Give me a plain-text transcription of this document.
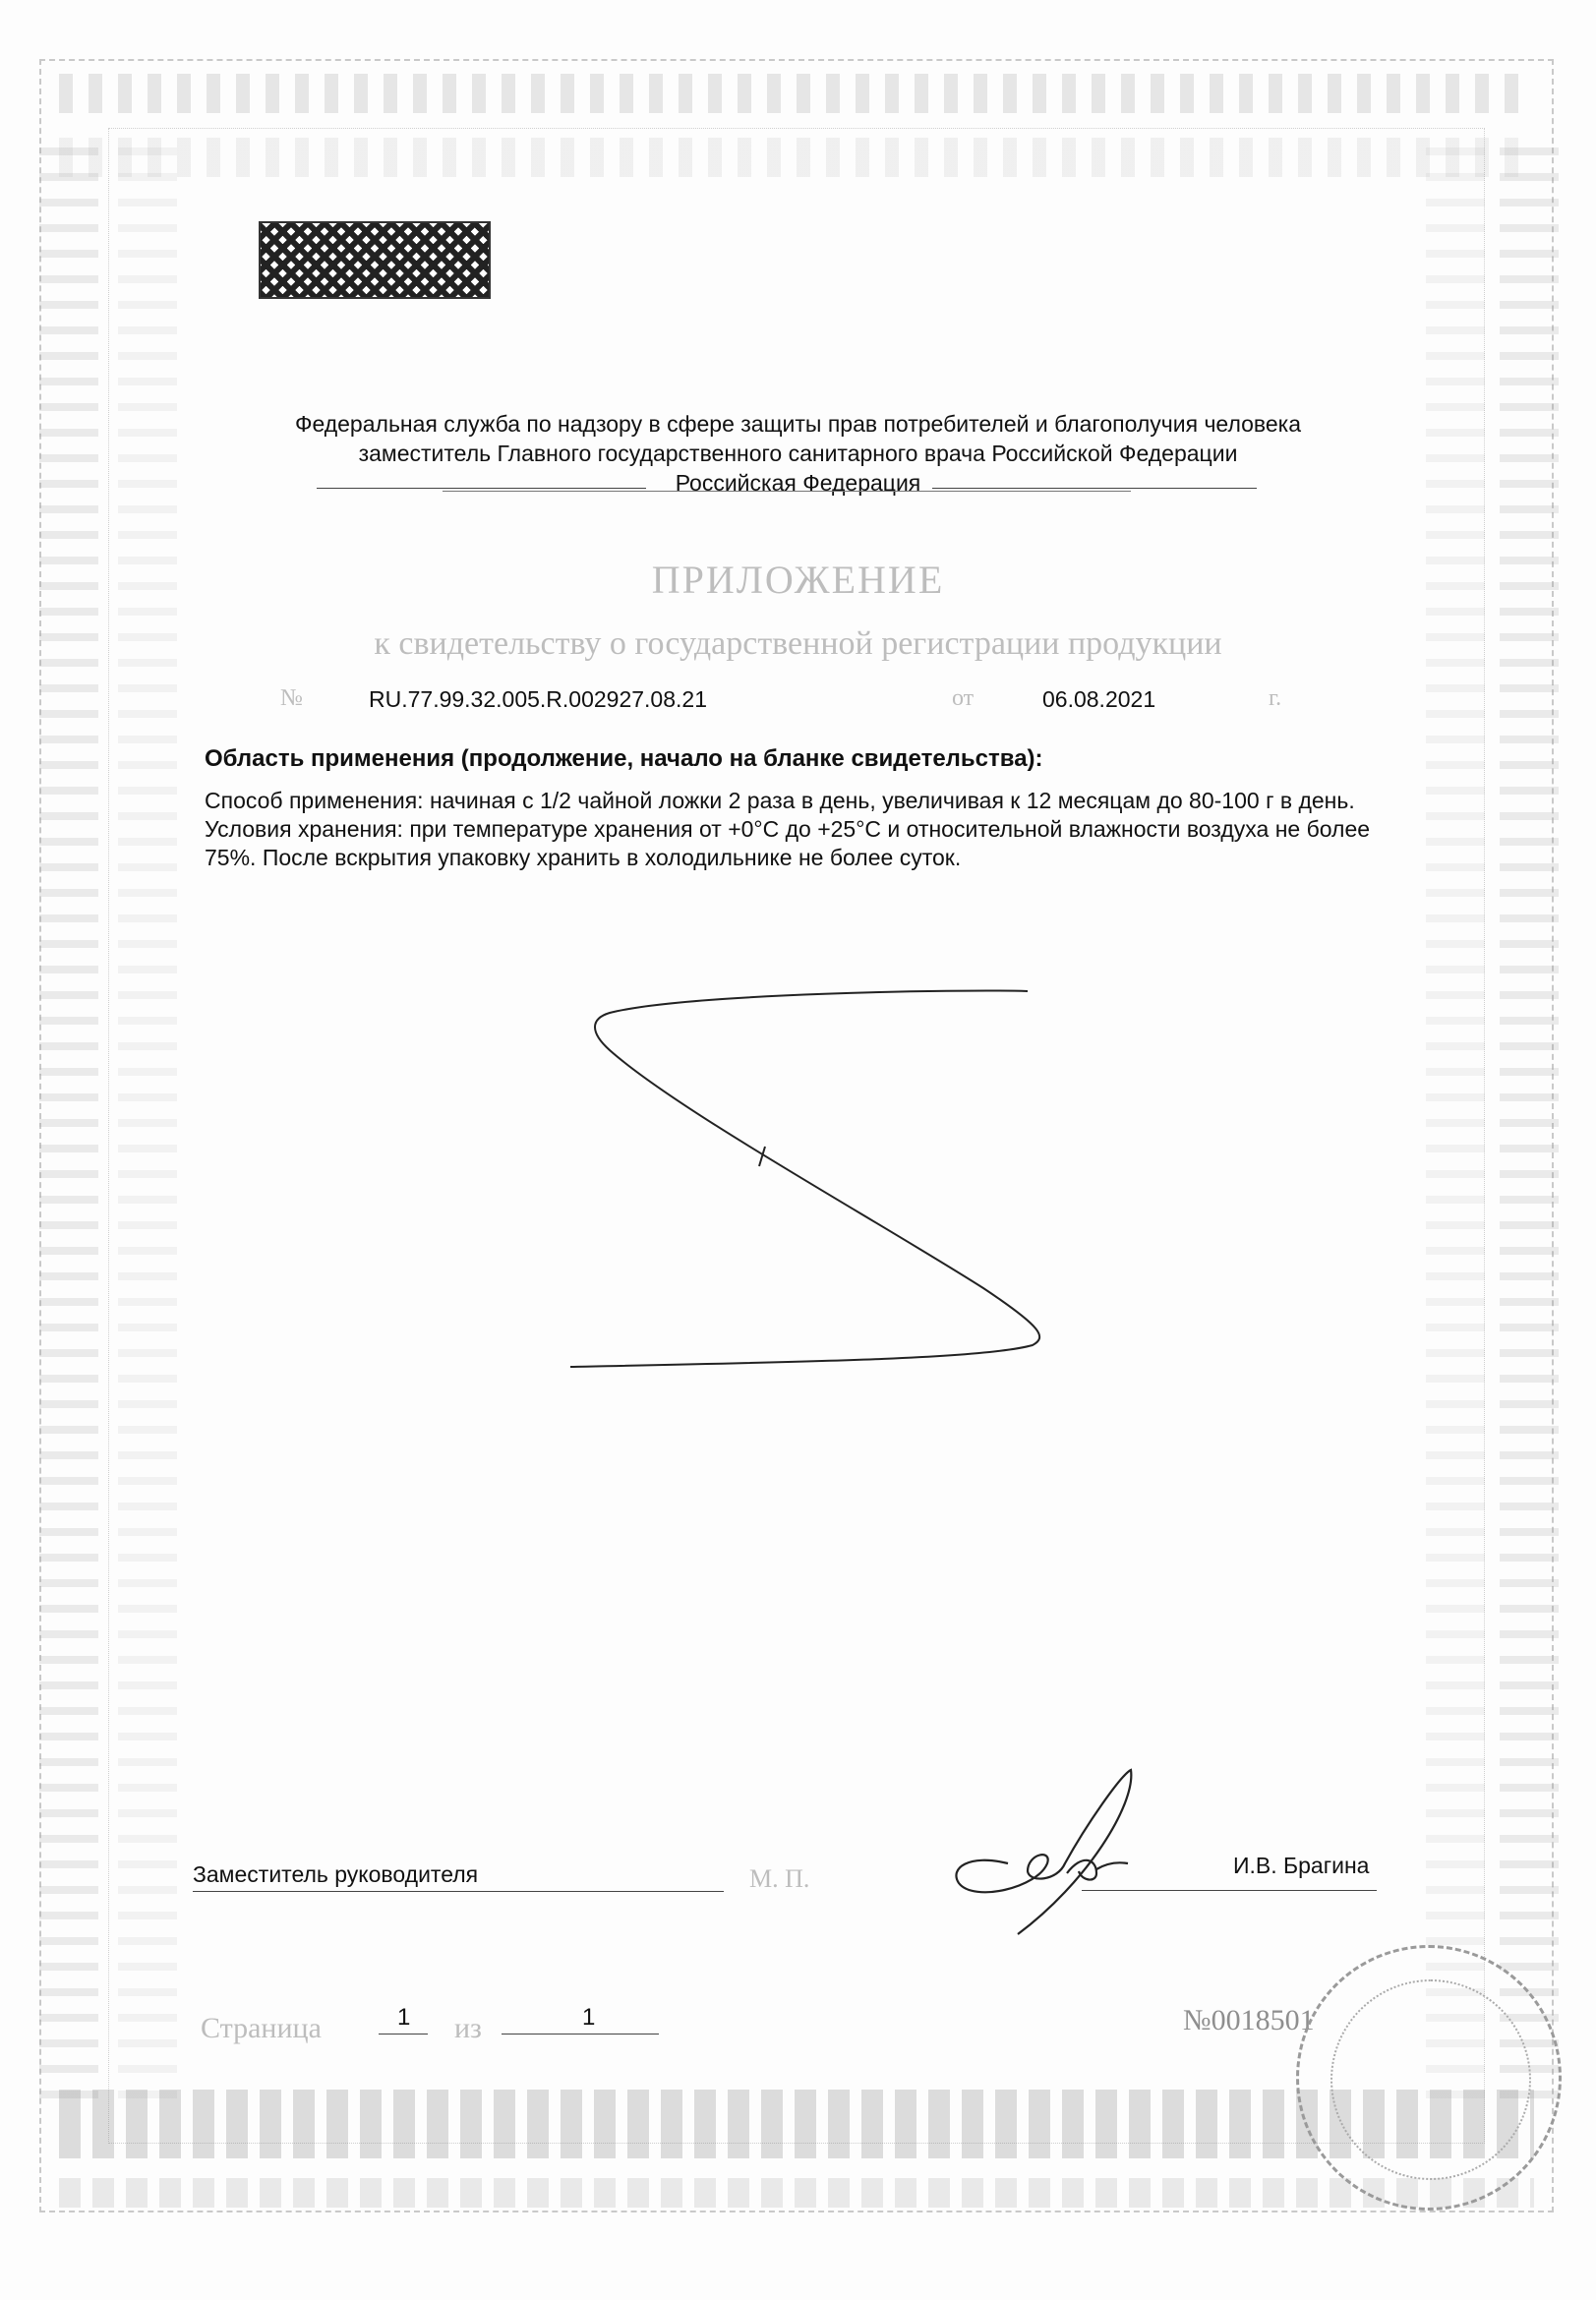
Федеральная служба по надзору в сфере защиты прав потребителей и благополучия человека
заместитель Главного государственного санитарного врача Российской Федерации
Российская Федерация
ПРИЛОЖЕНИЕ
к свидетельству о государственной регистрации продукции
№	RU.77.99.32.005.R.002927.08.21	от	06.08.2021	г.
Область применения (продолжение, начало на бланке свидетельства):
Способ применения: начиная с 1/2 чайной ложки 2 раза в день, увеличивая к 12 месяцам до 80-100 г в день. Условия хранения: при температуре хранения от +0°С до +25°С и относительной влажности воздуха не более 75%. После вскрытия упаковку хранить в холодильнике не более суток.
Заместитель руководителя
	М. П.	И.В. Брагина
Страница	1 из	1	№0018501
